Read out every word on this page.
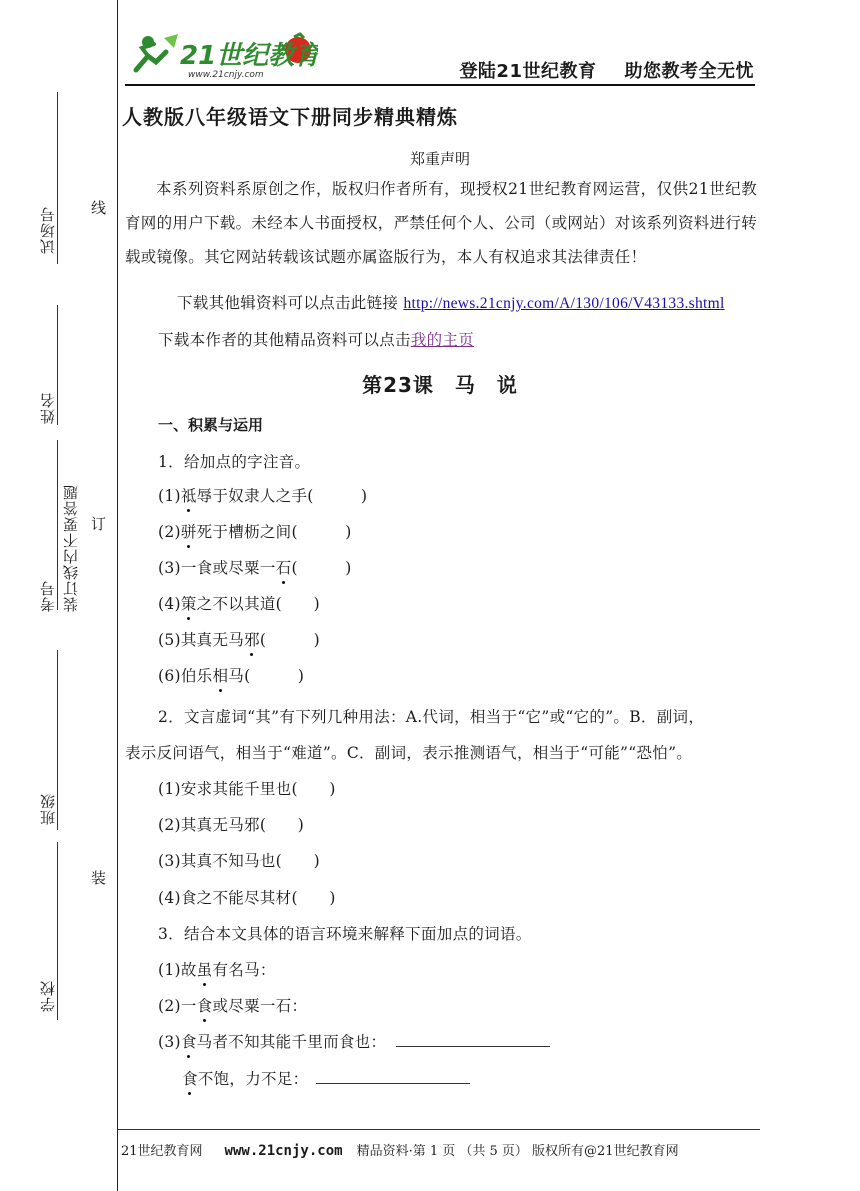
试场号
姓名
考号 装订线内不要答题
班级
学校
线
订
装
21世纪教育
www.21cnjy.com	登陆21世纪教育 助您教考全无忧
人教版八年级语文下册同步精典精炼
郑重声明
本系列资料系原创之作，版权归作者所有，现授权21世纪教育网运营，仅供21世纪教育网的用户下载。未经本人书面授权，严禁任何个人、公司（或网站）对该系列资料进行转载或镜像。其它网站转载该试题亦属盗版行为，本人有权追求其法律责任！
下载其他辑资料可以点击此链接 http://news.21cnjy.com/A/130/106/V43133.shtml
下载本作者的其他精品资料可以点击我的主页
第23课　马　说
一、积累与运用
1．给加点的字注音。
(1)祗辱于奴隶人之手(　　　)
(2)骈死于槽枥之间(　　　)
(3)一食或尽粟一石(　　　)
(4)策之不以其道(　　)
(5)其真无马邪(　　　)
(6)伯乐相马(　　　)
2．文言虚词“其”有下列几种用法：A.代词，相当于“它”或“它的”。B．副词，
表示反问语气，相当于“难道”。C．副词，表示推测语气，相当于“可能”“恐怕”。
(1)安求其能千里也(　　)
(2)其真无马邪(　　)
(3)其真不知马也(　　)
(4)食之不能尽其材(　　)
3．结合本文具体的语言环境来解释下面加点的词语。
(1)故虽有名马：
(2)一食或尽粟一石：
(3)食马者不知其能千里而食也：
食不饱，力不足：
21世纪教育网 www.21cnjy.com 精品资料·第 1 页 （共 5 页） 版权所有@21世纪教育网
